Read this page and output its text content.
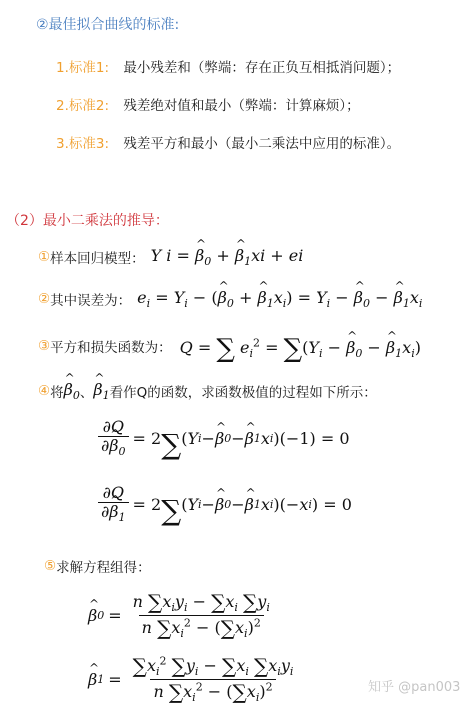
②最佳拟合曲线的标准:
1.标准1: 最小残差和（弊端：存在正负互相抵消问题）；
2.标准2: 残差绝对值和最小（弊端：计算麻烦）；
3.标准3: 残差平方和最小（最小二乘法中应用的标准）。
（2）最小二乘法的推导：
① 样本回归模型： Y i = ^ $\beta_0$ + ^ $\beta_1xi$ + ei
② 其中误差为： $e_i = Y_i$ − (^ $\beta_0$ + ^ $\beta_1x_i) = Y_i$ − ^ $\beta_0$ − ^ $\beta_1x_i$
③ 平方和损失函数为： Q = ∑ $e_i^2 = \sum(Y_i$ − ^ $\beta_0$ − ^ $\beta_1x_i$)
④ 将 ^ $\beta_0$ 、 ^ $\beta_1$ 看作Q的函数，求函数极值的过程如下所示：
$\frac{\partial Q}{\partial\^{} \beta_0} = 2$ ∑ ( Y i − ^ β 0 − ^ β 1 x i )(−1) = 0
$\frac{\partial Q}{\partial\^{} \beta_1} = 2$ ∑ ( Y i − ^ β 0 − ^ β 1 x i )(− x i ) = 0
⑤ 求解方程组得：
^ β $0 = \frac{n \sum x_iy_i - \sum x_i \sum y_i}{n \sum x_i^2 - (\sum x_i)^2}$
^ β $1 = \frac{\sum x_i^2 \sum y_i - \sum x_i \sum x_iy_i}{n \sum x_i^2 - (\sum x_i)^2}$	知乎 @pan003
